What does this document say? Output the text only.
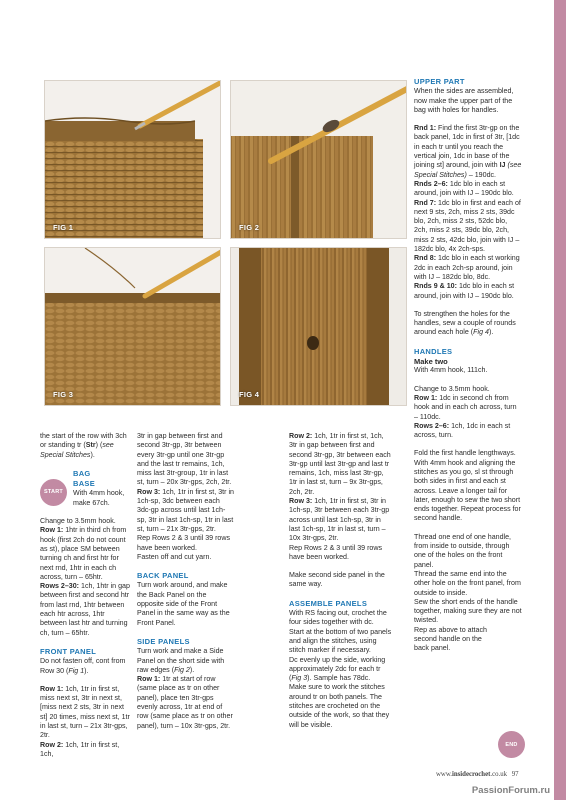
FIG 1	FIG 2
FIG 3	FIG 4

the start of the row with 3ch or standing tr (Str) (see Special Stitches).

START
BAG
BASE
With 4mm hook, make 67ch.

Change to 3.5mm hook.

Row 1: 1htr in third ch from hook (first 2ch do not count as st), place SM between turning ch and first htr for next rnd, 1htr in each ch across, turn – 65htr.

Rows 2–30: 1ch, 1htr in gap between first and second htr from last rnd, 1htr between each htr across, 1htr between last htr and turning ch, turn – 65htr.

FRONT PANEL

Do not fasten off, cont from Row 30 (Fig 1).

Row 1: 1ch, 1tr in first st, miss next st, 3tr in next st, [miss next 2 sts, 3tr in next st] 20 times, miss next st, 1tr in last st, turn – 21x 3tr-gps, 2tr.

Row 2: 1ch, 1tr in first st, 1ch,

3tr in gap between first and second 3tr-gp, 3tr between every 3tr-gp until one 3tr-gp and the last tr remains, 1ch, miss last 3tr-group, 1tr in last st, turn – 20x 3tr-gps, 2ch, 2tr.

Row 3: 1ch, 1tr in first st, 3tr in 1ch-sp, 3dc between each 3dc-gp across until last 1ch-sp, 3tr in last 1ch-sp, 1tr in last st, turn – 21x 3tr-gps, 2tr.

Rep Rows 2 & 3 until 39 rows have been worked.

Fasten off and cut yarn.

BACK PANEL

Turn work around, and make the Back Panel on the opposite side of the Front Panel in the same way as the Front Panel.

SIDE PANELS

Turn work and make a Side Panel on the short side with raw edges (Fig 2).

Row 1: 1tr at start of row (same place as tr on other panel), place ten 3tr-gps evenly across, 1tr at end of row (same place as tr on other panel), turn – 10x 3tr-gps, 2tr.

Row 2: 1ch, 1tr in first st, 1ch, 3tr in gap between first and second 3tr-gp, 3tr between each 3tr-gp until last 3tr-gp and last tr remains, 1ch, miss last 3tr-gp, 1tr in last st, turn – 9x 3tr-gps, 2ch, 2tr.

Row 3: 1ch, 1tr in first st, 3tr in 1ch-sp, 3tr between each 3tr-gp across until last 1ch-sp, 3tr in last 1ch-sp, 1tr in last st, turn – 10x 3tr-gps, 2tr.

Rep Rows 2 & 3 until 39 rows have been worked.

Make second side panel in the same way.

ASSEMBLE PANELS

With RS facing out, crochet the four sides together with dc.

Start at the bottom of two panels and align the stitches, using stitch marker if necessary.

Dc evenly up the side, working approximately 2dc for each tr (Fig 3). Sample has 78dc.

Make sure to work the stitches around tr on both panels. The stitches are crocheted on the outside of the work, so that they will be visible.

UPPER PART

When the sides are assembled, now make the upper part of the bag with holes for handles.

Rnd 1: Find the first 3tr-gp on the back panel, 1dc in first of 3tr, [1dc in each tr until you reach the vertical join, 1dc in base of the joining st] around, join with IJ (see Special Stitches) – 190dc.

Rnds 2–6: 1dc blo in each st around, join with IJ – 190dc blo.

Rnd 7: 1dc blo in first and each of next 9 sts, 2ch, miss 2 sts, 39dc blo, 2ch, miss 2 sts, 52dc blo, 2ch, miss 2 sts, 39dc blo, 2ch, miss 2 sts, 42dc blo, join with IJ – 182dc blo, 4x 2ch-sps.

Rnd 8: 1dc blo in each st working 2dc in each 2ch-sp around, join with IJ – 182dc blo, 8dc.

Rnds 9 & 10: 1dc blo in each st around, join with IJ – 190dc blo.

To strengthen the holes for the handles, sew a couple of rounds around each hole (Fig 4).

HANDLES
Make two

With 4mm hook, 111ch.

Change to 3.5mm hook.

Row 1: 1dc in second ch from hook and in each ch across, turn – 110dc.

Rows 2–6: 1ch, 1dc in each st across, turn.

Fold the first handle lengthways. With 4mm hook and aligning the stitches as you go, sl st through both sides in first and each st across. Leave a longer tail for later, enough to sew the two short ends together. Repeat process for second handle.

Thread one end of one handle, from inside to outside, through one of the holes on the front panel.

Thread the same end into the other hole on the front panel, from outside to inside.

Sew the short ends of the handle together, making sure they are not twisted.

Rep as above to attach second handle on the back panel.

END
www.insidecrochet.co.uk 97
PassionForum.ru
